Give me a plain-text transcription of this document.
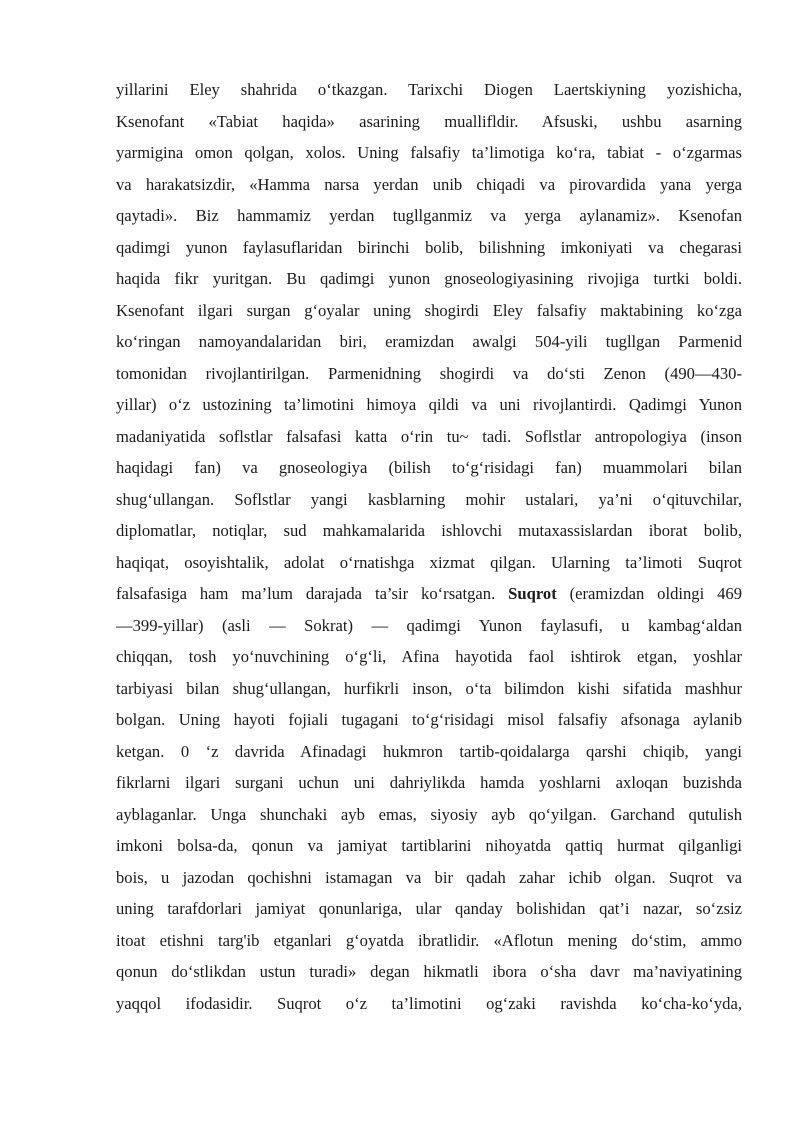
yillarini Eley shahrida o‘tkazgan. Tarixchi Diogen Laertskiyning yozishicha,
Ksenofant «Tabiat haqida» asarining muallifldir. Afsuski, ushbu asarning
yarmigina omon qolgan, xolos. Uning falsafiy ta’limotiga ko‘ra, tabiat - o‘zgarmas
va harakatsizdir, «Hamma narsa yerdan unib chiqadi va pirovardida yana yerga
qaytadi». Biz hammamiz yerdan tugllganmiz va yerga aylanamiz». Ksenofan
qadimgi yunon faylasuflaridan birinchi bolib, bilishning imkoniyati va chegarasi
haqida fikr yuritgan. Bu qadimgi yunon gnoseologiyasining rivojiga turtki boldi.
Ksenofant ilgari surgan g‘oyalar uning shogirdi Eley falsafiy maktabining ko‘zga
ko‘ringan namoyandalaridan biri, eramizdan awalgi 504-yili tugllgan Parmenid
tomonidan rivojlantirilgan. Parmenidning shogirdi va do‘sti Zenon (490—430-
yillar) o‘z ustozining ta’limotini himoya qildi va uni rivojlantirdi. Qadimgi Yunon
madaniyatida soflstlar falsafasi katta o‘rin tu~ tadi. Soflstlar antropologiya (inson
haqidagi fan) va gnoseologiya (bilish to‘g‘risidagi fan) muammolari bilan
shug‘ullangan. Soflstlar yangi kasblarning mohir ustalari, ya’ni o‘qituvchilar,
diplomatlar, notiqlar, sud mahkamalarida ishlovchi mutaxassislardan iborat bolib,
haqiqat, osoyishtalik, adolat o‘rnatishga xizmat qilgan. Ularning ta’limoti Suqrot
falsafasiga ham ma’lum darajada ta’sir ko‘rsatgan. Suqrot (eramizdan oldingi 469
—399-yillar) (asli — Sokrat) — qadimgi Yunon faylasufi, u kambag‘aldan
chiqqan, tosh yo‘nuvchining o‘g‘li, Afina hayotida faol ishtirok etgan, yoshlar
tarbiyasi bilan shug‘ullangan, hurfikrli inson, o‘ta bilimdon kishi sifatida mashhur
bolgan. Uning hayoti fojiali tugagani to‘g‘risidagi misol falsafiy afsonaga aylanib
ketgan. 0 ‘z davrida Afinadagi hukmron tartib-qoidalarga qarshi chiqib, yangi
fikrlarni ilgari surgani uchun uni dahriylikda hamda yoshlarni axloqan buzishda
ayblaganlar. Unga shunchaki ayb emas, siyosiy ayb qo‘yilgan. Garchand qutulish
imkoni bolsa-da, qonun va jamiyat tartiblarini nihoyatda qattiq hurmat qilganligi
bois, u jazodan qochishni istamagan va bir qadah zahar ichib olgan. Suqrot va
uning tarafdorlari jamiyat qonunlariga, ular qanday bolishidan qat’i nazar, so‘zsiz
itoat etishni targ'ib etganlari g‘oyatda ibratlidir. «Aflotun mening do‘stim, ammo
qonun do‘stlikdan ustun turadi» degan hikmatli ibora o‘sha davr ma’naviyatining
yaqqol ifodasidir. Suqrot o‘z ta’limotini og‘zaki ravishda ko‘cha-ko‘yda,
